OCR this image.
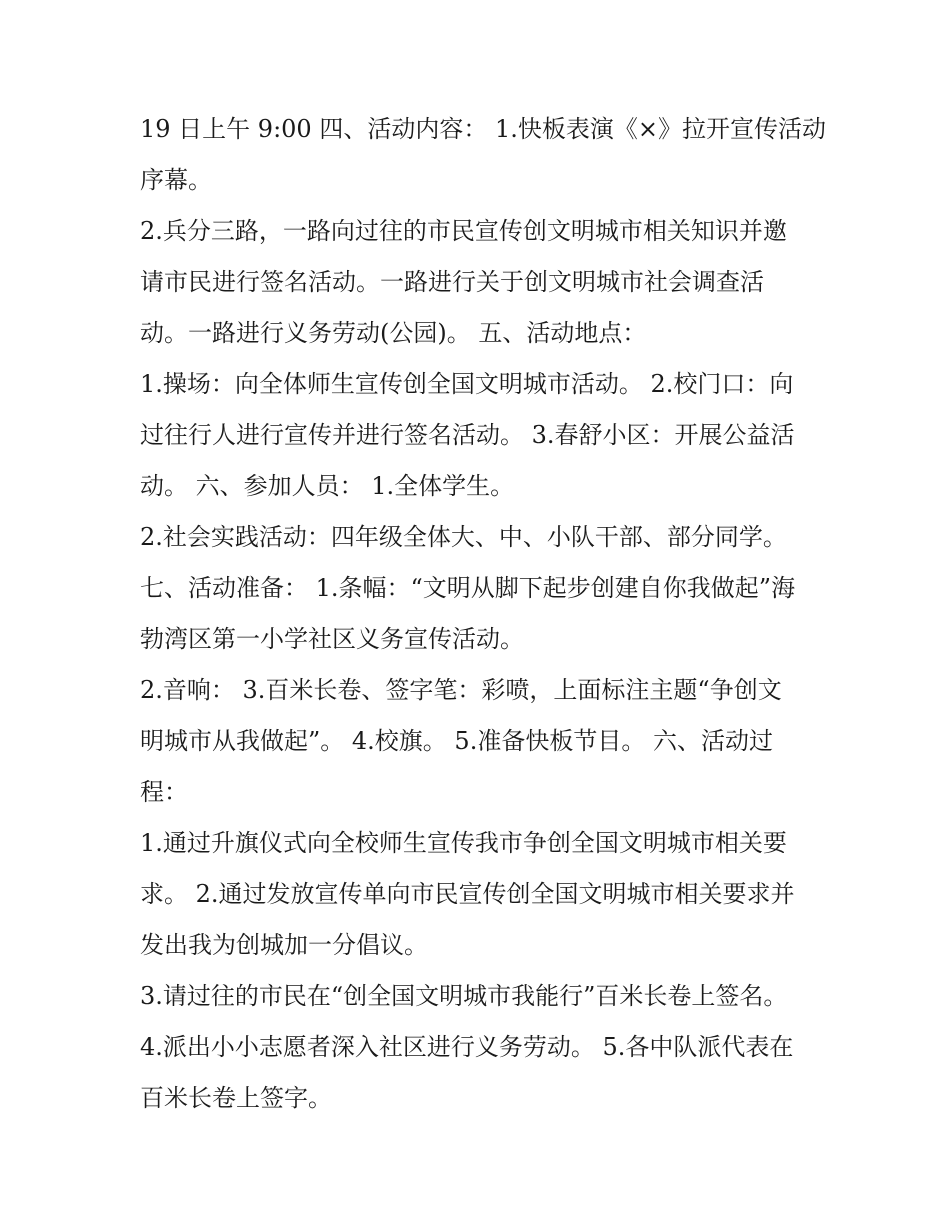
19 日上午 9:00 四、活动内容： 1.快板表演《×》拉开宣传活动
序幕。
2.兵分三路，一路向过往的市民宣传创文明城市相关知识并邀
请市民进行签名活动。一路进行关于创文明城市社会调查活
动。一路进行义务劳动(公园)。 五、活动地点：
1.操场：向全体师生宣传创全国文明城市活动。 2.校门口：向
过往行人进行宣传并进行签名活动。 3.春舒小区：开展公益活
动。 六、参加人员： 1.全体学生。
2.社会实践活动：四年级全体大、中、小队干部、部分同学。
七、活动准备： 1.条幅：“文明从脚下起步创建自你我做起”海
勃湾区第一小学社区义务宣传活动。
2.音响： 3.百米长卷、签字笔：彩喷，上面标注主题“争创文
明城市从我做起”。 4.校旗。 5.准备快板节目。 六、活动过
程：
1.通过升旗仪式向全校师生宣传我市争创全国文明城市相关要
求。 2.通过发放宣传单向市民宣传创全国文明城市相关要求并
发出我为创城加一分倡议。
3.请过往的市民在“创全国文明城市我能行”百米长卷上签名。
4.派出小小志愿者深入社区进行义务劳动。 5.各中队派代表在
百米长卷上签字。
